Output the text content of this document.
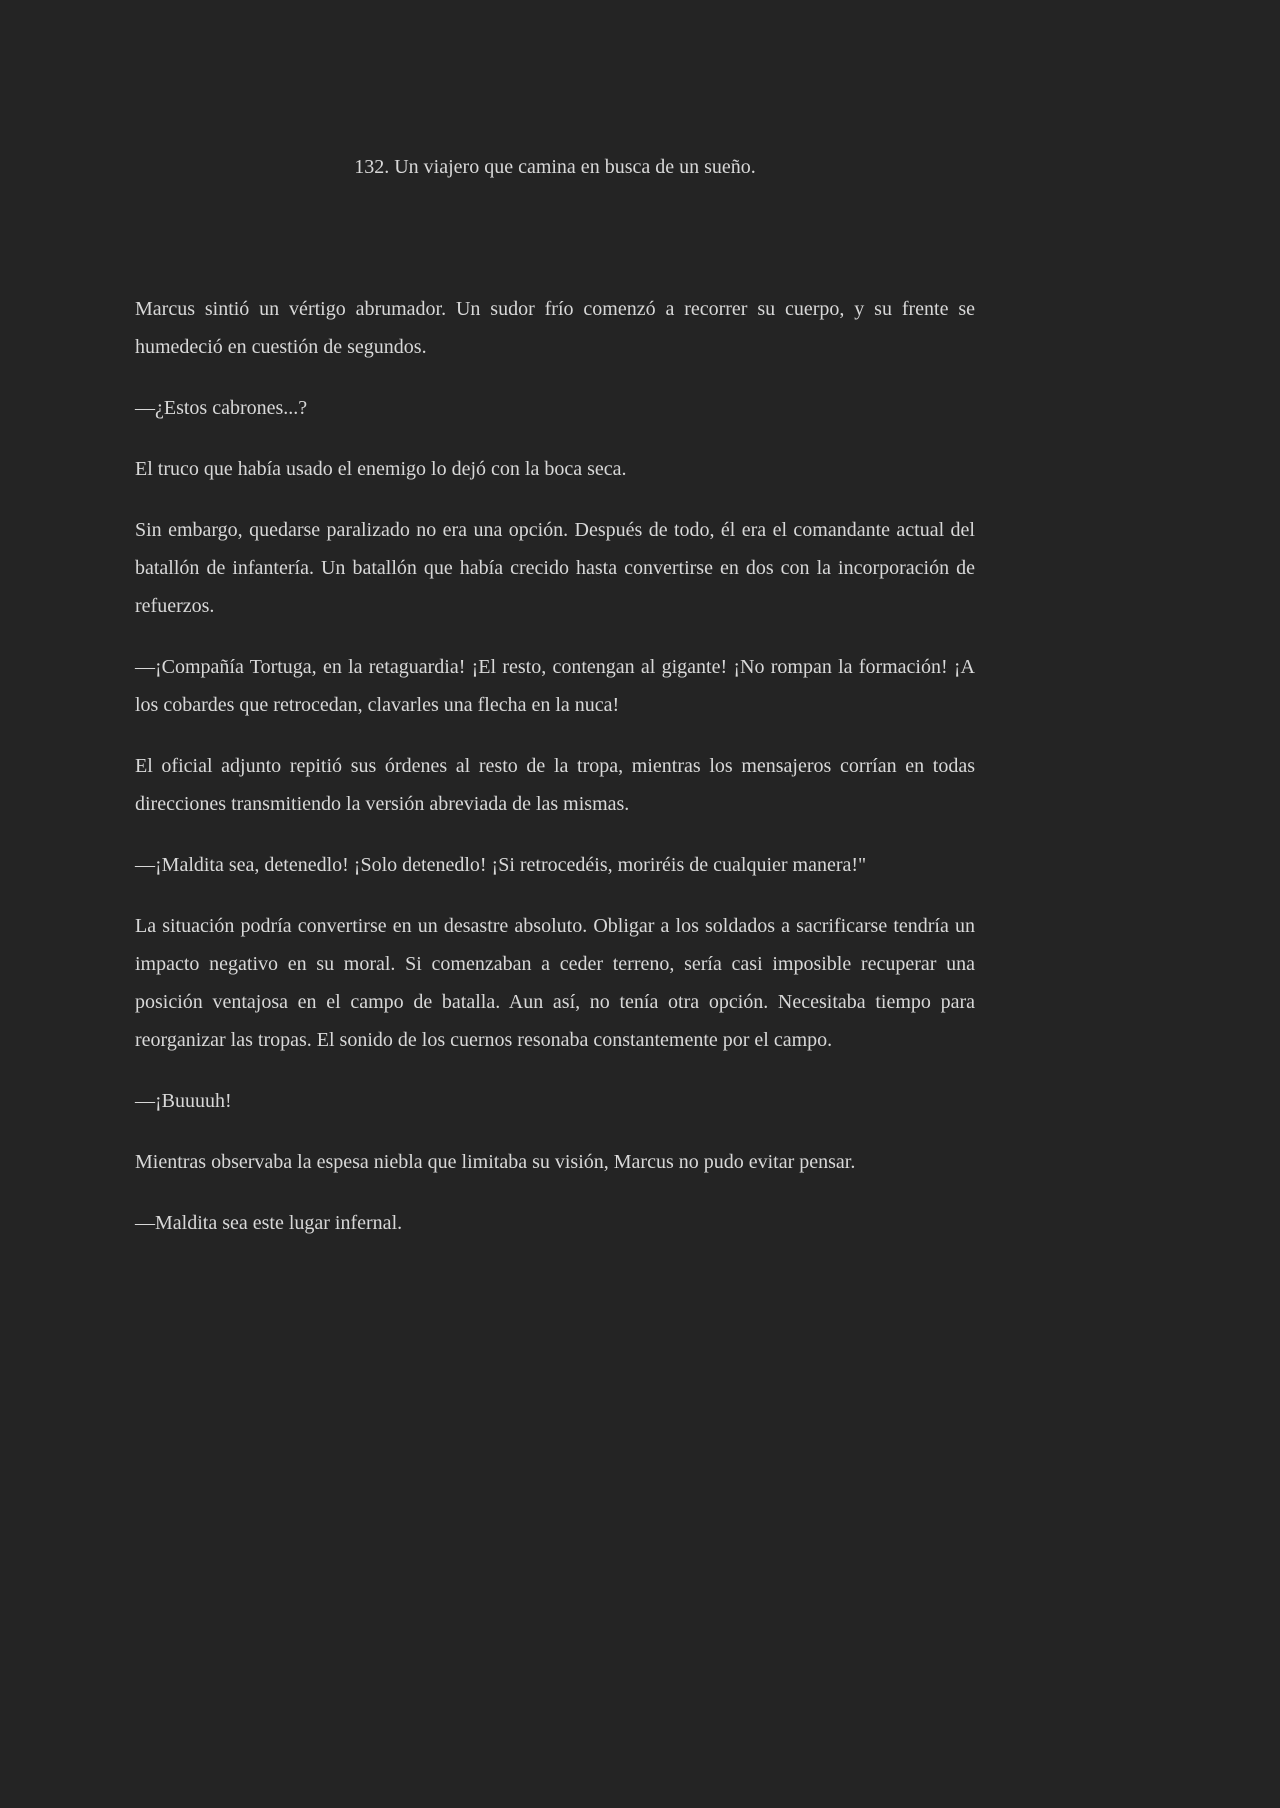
132. Un viajero que camina en busca de un sueño.

Marcus sintió un vértigo abrumador. Un sudor frío comenzó a recorrer su cuerpo, y su frente se humedeció en cuestión de segundos.

—¿Estos cabrones...?

El truco que había usado el enemigo lo dejó con la boca seca.

Sin embargo, quedarse paralizado no era una opción. Después de todo, él era el comandante actual del batallón de infantería. Un batallón que había crecido hasta convertirse en dos con la incorporación de refuerzos.

—¡Compañía Tortuga, en la retaguardia! ¡El resto, contengan al gigante! ¡No rompan la formación! ¡A los cobardes que retrocedan, clavarles una flecha en la nuca!

El oficial adjunto repitió sus órdenes al resto de la tropa, mientras los mensajeros corrían en todas direcciones transmitiendo la versión abreviada de las mismas.

—¡Maldita sea, detenedlo! ¡Solo detenedlo! ¡Si retrocedéis, moriréis de cualquier manera!"

La situación podría convertirse en un desastre absoluto. Obligar a los soldados a sacrificarse tendría un impacto negativo en su moral. Si comenzaban a ceder terreno, sería casi imposible recuperar una posición ventajosa en el campo de batalla. Aun así, no tenía otra opción. Necesitaba tiempo para reorganizar las tropas. El sonido de los cuernos resonaba constantemente por el campo.

—¡Buuuuh!

Mientras observaba la espesa niebla que limitaba su visión, Marcus no pudo evitar pensar.

—Maldita sea este lugar infernal.
